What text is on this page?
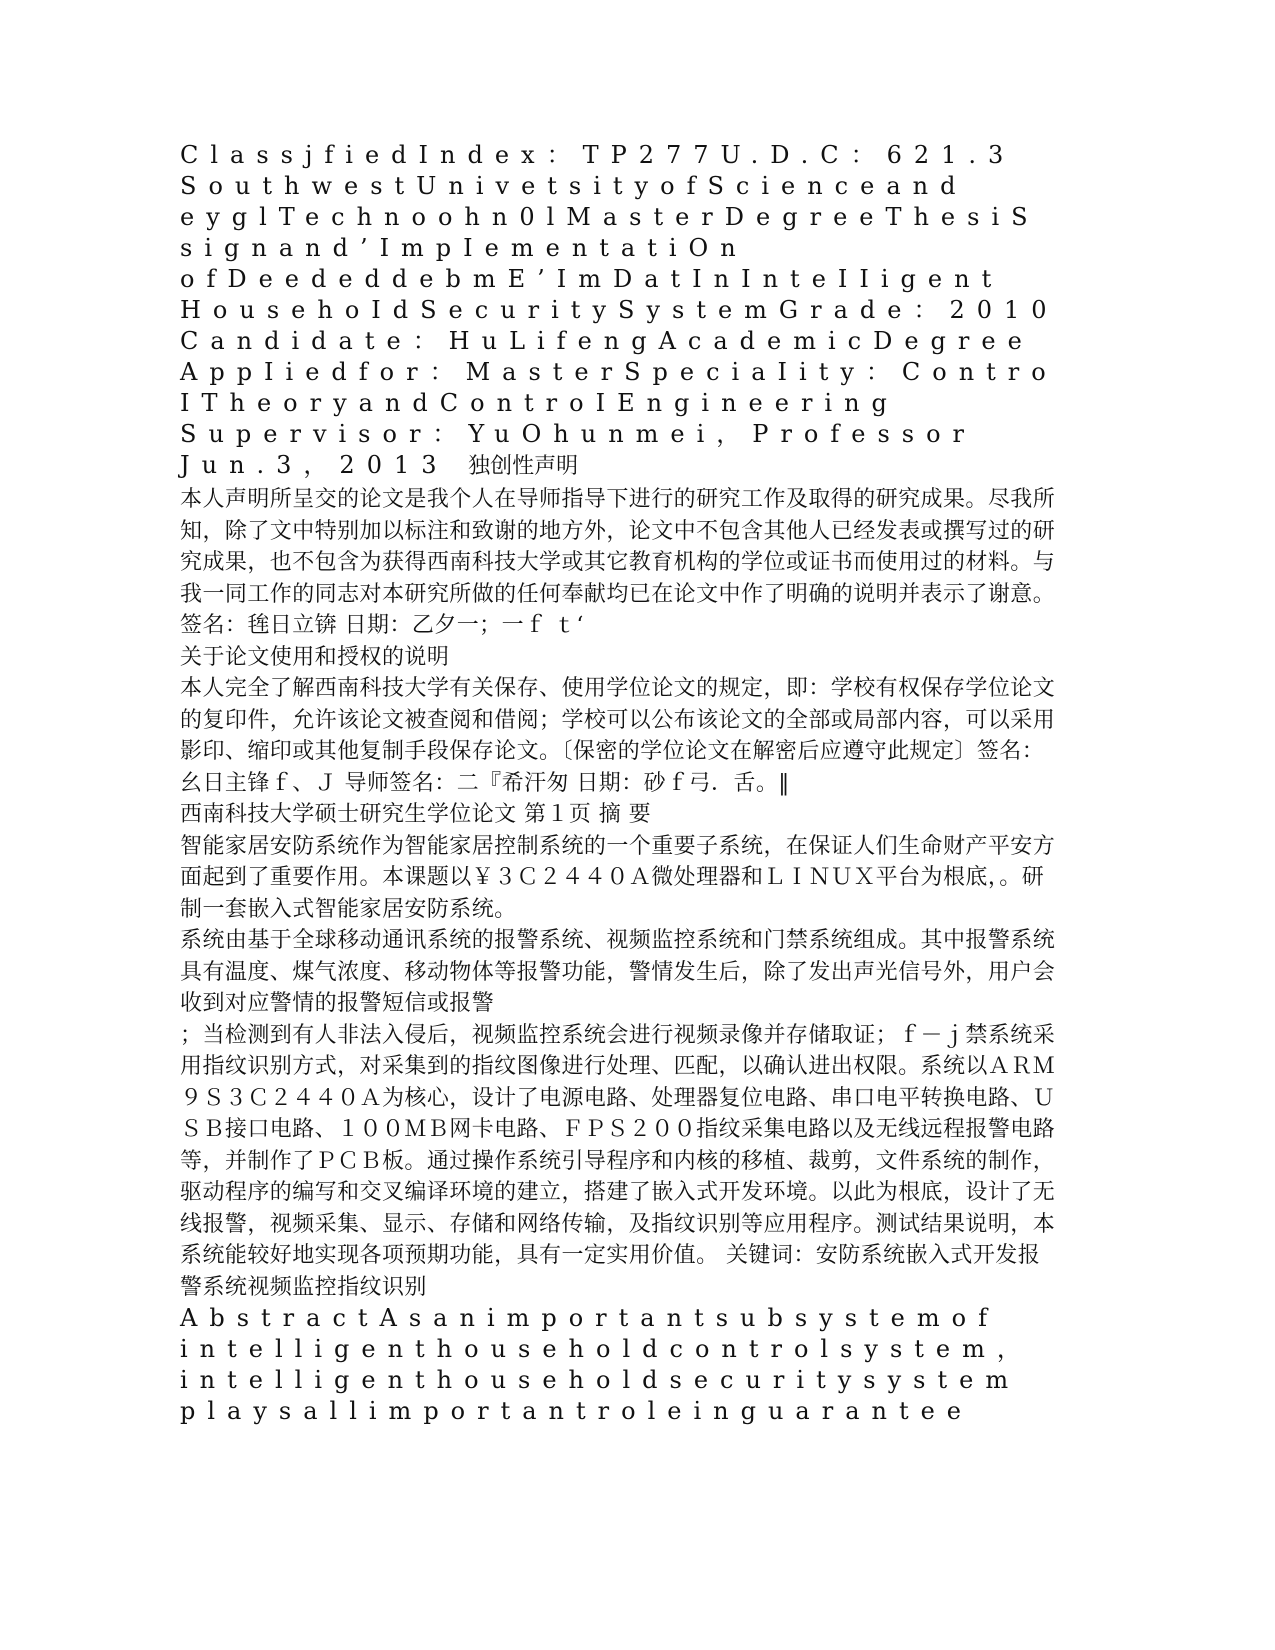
ClassjfiedIndex：TP277U.D.C：621.3

SouthwestUnivetsityofScienceand

eyglTechnoohn0lMasterDegreeThesiS

signand’ImpIementatiOn

ofDeededdebmE’ImDatInInteIIigent

HousehoIdSecuritySystemGrade：2010

Candidate：HuLifengAcademicDegree

AppIiedfor：MasterSpeciaIity：Contro

ITheoryandControIEngineering

Supervisor：YuOhunmei，Professor

Jun.3，2013 独创性声明

本人声明所呈交的论文是我个人在导师指导下进行的研究工作及取得的研究成果。尽我所知，除了文中特别加以标注和致谢的地方外，论文中不包含其他人已经发表或撰写过的研究成果，也不包含为获得西南科技大学或其它教育机构的学位或证书而使用过的材料。与我一同工作的同志对本研究所做的任何奉献均已在论文中作了明确的说明并表示了谢意。签名：毪日立锛 日期：乙夕一；一ｆ ｔ‘

关于论文使用和授权的说明

本人完全了解西南科技大学有关保存、使用学位论文的规定，即：学校有权保存学位论文的复印件，允许该论文被查阅和借阅；学校可以公布该论文的全部或局部内容，可以采用影印、缩印或其他复制手段保存论文。〔保密的学位论文在解密后应遵守此规定〕签名：幺日主锋ｆ、Ｊ 导师签名：二『希汗匆 日期：砂ｆ弓．舌。‖

西南科技大学硕士研究生学位论文 第１页 摘 要

智能家居安防系统作为智能家居控制系统的一个重要子系统，在保证人们生命财产平安方面起到了重要作用。本课题以￥３Ｃ２４４０Ａ微处理器和ＬＩＮＵＸ平台为根底，。研制一套嵌入式智能家居安防系统。

系统由基于全球移动通讯系统的报警系统、视频监控系统和门禁系统组成。其中报警系统具有温度、煤气浓度、移动物体等报警功能，警情发生后，除了发出声光信号外，用户会收到对应警情的报警短信或报警

；当检测到有人非法入侵后，视频监控系统会进行视频录像并存储取证；ｆ－ｊ禁系统采用指纹识别方式，对采集到的指纹图像进行处理、匹配，以确认进出权限。系统以ＡＲＭ９Ｓ３Ｃ２４４０Ａ为核心，设计了电源电路、处理器复位电路、串口电平转换电路、ＵＳＢ接口电路、１００ＭＢ网卡电路、ＦＰＳ２００指纹采集电路以及无线远程报警电路等，并制作了ＰＣＢ板。通过操作系统引导程序和内核的移植、裁剪，文件系统的制作，驱动程序的编写和交叉编译环境的建立，搭建了嵌入式开发环境。以此为根底，设计了无线报警，视频采集、显示、存储和网络传输，及指纹识别等应用程序。测试结果说明，本系统能较好地实现各项预期功能，具有一定实用价值。 关键词：安防系统嵌入式开发报警系统视频监控指纹识别

AbstractAsanimportantsubsystemof

intelligenthouseholdcontrolsystem，

intelligenthouseholdsecuritysystem

playsallimportantroleinguarantee
